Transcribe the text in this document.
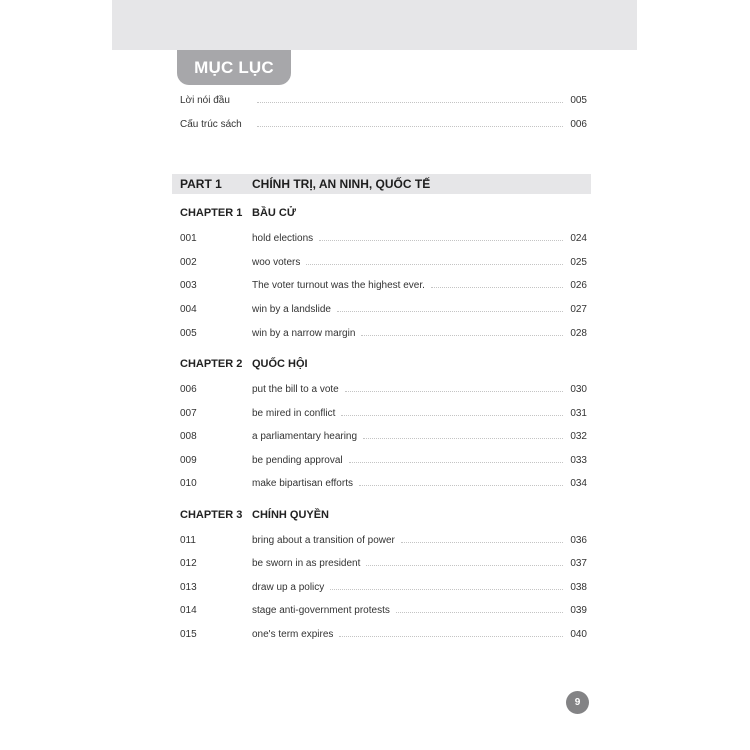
MỤC LỤC
Lời nói đầu	005
Cấu trúc sách	006
PART 1	CHÍNH TRỊ, AN NINH, QUỐC TẾ
CHAPTER 1 BẦU CỬ
001	hold elections	024
002	woo voters	025
003	The voter turnout was the highest ever.	026
004	win by a landslide	027
005	win by a narrow margin	028
CHAPTER 2 QUỐC HỘI
006	put the bill to a vote	030
007	be mired in conflict	031
008	a parliamentary hearing	032
009	be pending approval	033
010	make bipartisan efforts	034
CHAPTER 3 CHÍNH QUYỀN
011	bring about a transition of power	036
012	be sworn in as president	037
013	draw up a policy	038
014	stage anti-government protests	039
015	one's term expires	040
9
